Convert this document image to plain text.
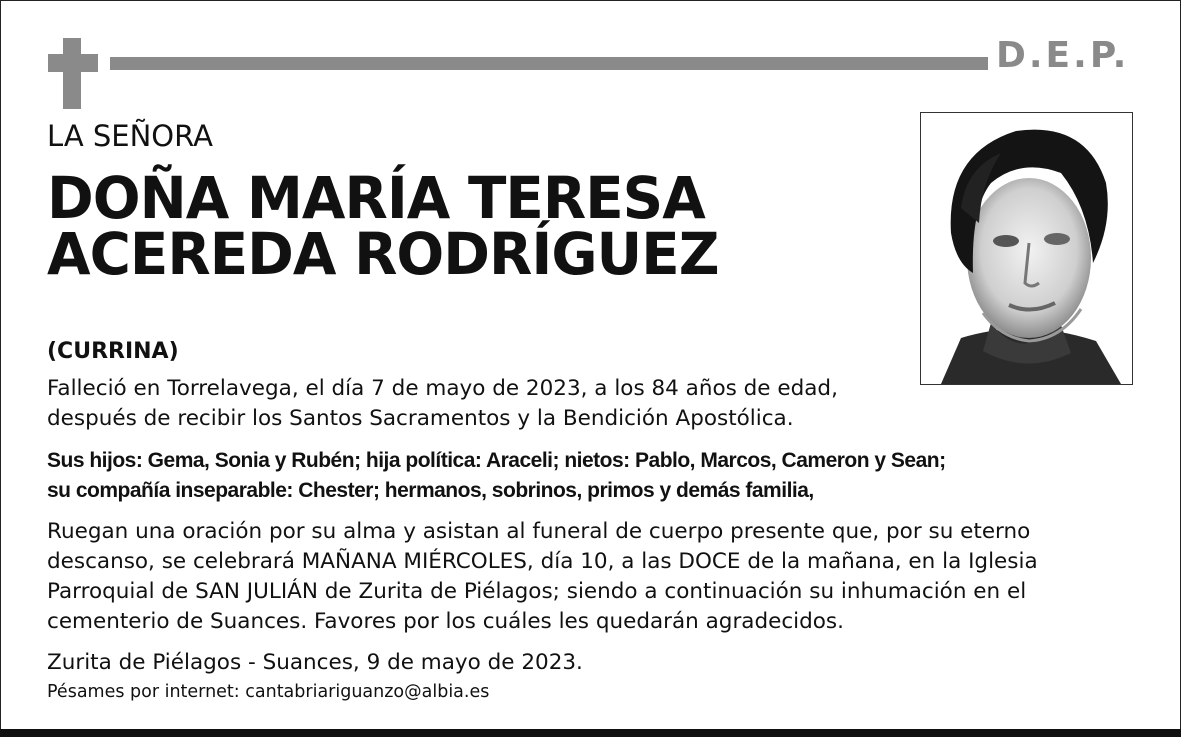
D.E.P.
LA SEÑORA
DOÑA MARÍA TERESA
ACEREDA RODRÍGUEZ
(CURRINA)
Falleció en Torrelavega, el día 7 de mayo de 2023, a los 84 años de edad,
después de recibir los Santos Sacramentos y la Bendición Apostólica.
Sus hijos: Gema, Sonia y Rubén; hija política: Araceli; nietos: Pablo, Marcos, Cameron y Sean;
su compañía inseparable: Chester; hermanos, sobrinos, primos y demás familia,
Ruegan una oración por su alma y asistan al funeral de cuerpo presente que, por su eterno
descanso, se celebrará MAÑANA MIÉRCOLES, día 10, a las DOCE de la mañana, en la Iglesia
Parroquial de SAN JULIÁN de Zurita de Piélagos; siendo a continuación su inhumación en el
cementerio de Suances. Favores por los cuáles les quedarán agradecidos.
Zurita de Piélagos - Suances, 9 de mayo de 2023.
Pésames por internet: cantabriariguanzo@albia.es
